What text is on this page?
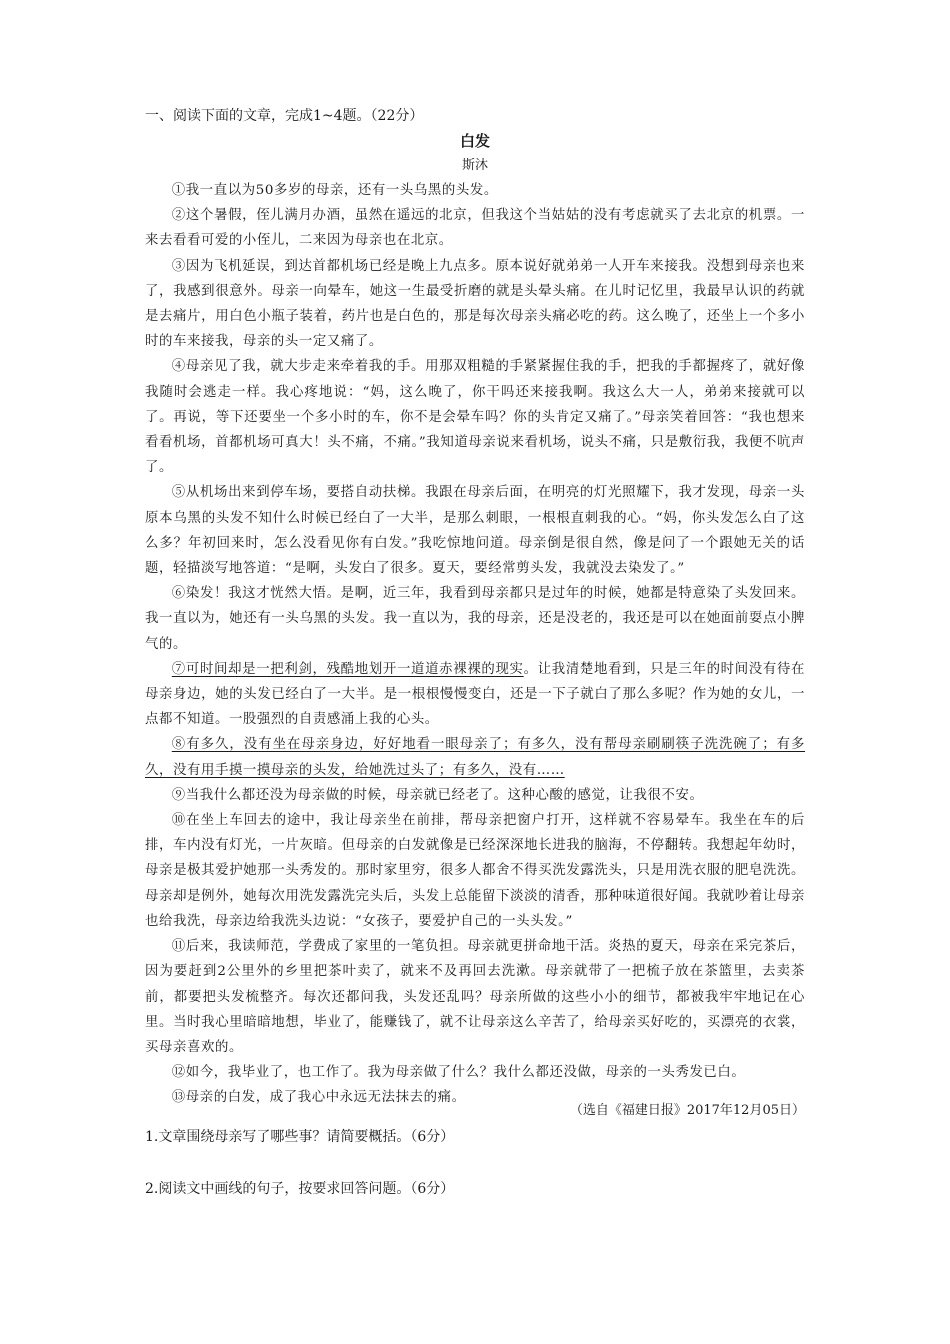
一、阅读下面的文章，完成1~4题。（22分）
白发
斯沐

①我一直以为50多岁的母亲，还有一头乌黑的头发。

②这个暑假，侄儿满月办酒，虽然在遥远的北京，但我这个当姑姑的没有考虑就买了去北京的机票。一来去看看可爱的小侄儿，二来因为母亲也在北京。

③因为飞机延误，到达首都机场已经是晚上九点多。原本说好就弟弟一人开车来接我。没想到母亲也来了，我感到很意外。母亲一向晕车，她这一生最受折磨的就是头晕头痛。在儿时记忆里，我最早认识的药就是去痛片，用白色小瓶子装着，药片也是白色的，那是每次母亲头痛必吃的药。这么晚了，还坐上一个多小时的车来接我，母亲的头一定又痛了。

④母亲见了我，就大步走来牵着我的手。用那双粗糙的手紧紧握住我的手，把我的手都握疼了，就好像我随时会逃走一样。我心疼地说：“妈，这么晚了，你干吗还来接我啊。我这么大一人，弟弟来接就可以了。再说，等下还要坐一个多小时的车，你不是会晕车吗？你的头肯定又痛了。”母亲笑着回答：“我也想来看看机场，首都机场可真大！头不痛，不痛。”我知道母亲说来看机场，说头不痛，只是敷衍我，我便不吭声了。

⑤从机场出来到停车场，要搭自动扶梯。我跟在母亲后面，在明亮的灯光照耀下，我才发现，母亲一头原本乌黑的头发不知什么时候已经白了一大半，是那么刺眼，一根根直刺我的心。“妈，你头发怎么白了这么多？年初回来时，怎么没看见你有白发。”我吃惊地问道。母亲倒是很自然，像是问了一个跟她无关的话题，轻描淡写地答道：“是啊，头发白了很多。夏天，要经常剪头发，我就没去染发了。”

⑥染发！我这才恍然大悟。是啊，近三年，我看到母亲都只是过年的时候，她都是特意染了头发回来。我一直以为，她还有一头乌黑的头发。我一直以为，我的母亲，还是没老的，我还是可以在她面前耍点小脾气的。

⑦可时间却是一把利剑，残酷地划开一道道赤裸裸的现实。让我清楚地看到，只是三年的时间没有待在母亲身边，她的头发已经白了一大半。是一根根慢慢变白，还是一下子就白了那么多呢？作为她的女儿，一点都不知道。一股强烈的自责感涌上我的心头。

⑧有多久，没有坐在母亲身边，好好地看一眼母亲了；有多久，没有帮母亲刷刷筷子洗洗碗了；有多久，没有用手摸一摸母亲的头发，给她洗过头了；有多久，没有……

⑨当我什么都还没为母亲做的时候，母亲就已经老了。这种心酸的感觉，让我很不安。

⑩在坐上车回去的途中，我让母亲坐在前排，帮母亲把窗户打开，这样就不容易晕车。我坐在车的后排，车内没有灯光，一片灰暗。但母亲的白发就像是已经深深地长进我的脑海，不停翻转。我想起年幼时，母亲是极其爱护她那一头秀发的。那时家里穷，很多人都舍不得买洗发露洗头，只是用洗衣服的肥皂洗洗。母亲却是例外，她每次用洗发露洗完头后，头发上总能留下淡淡的清香，那种味道很好闻。我就吵着让母亲也给我洗，母亲边给我洗头边说：“女孩子，要爱护自己的一头头发。”

⑪后来，我读师范，学费成了家里的一笔负担。母亲就更拼命地干活。炎热的夏天，母亲在采完茶后，因为要赶到2公里外的乡里把茶叶卖了，就来不及再回去洗漱。母亲就带了一把梳子放在茶篮里，去卖茶前，都要把头发梳整齐。每次还都问我，头发还乱吗？母亲所做的这些小小的细节，都被我牢牢地记在心里。当时我心里暗暗地想，毕业了，能赚钱了，就不让母亲这么辛苦了，给母亲买好吃的，买漂亮的衣裳，买母亲喜欢的。

⑫如今，我毕业了，也工作了。我为母亲做了什么？我什么都还没做，母亲的一头秀发已白。

⑬母亲的白发，成了我心中永远无法抹去的痛。

（选自《福建日报》2017年12月05日）
1.文章围绕母亲写了哪些事？请简要概括。（6分）
2.阅读文中画线的句子，按要求回答问题。（6分）
